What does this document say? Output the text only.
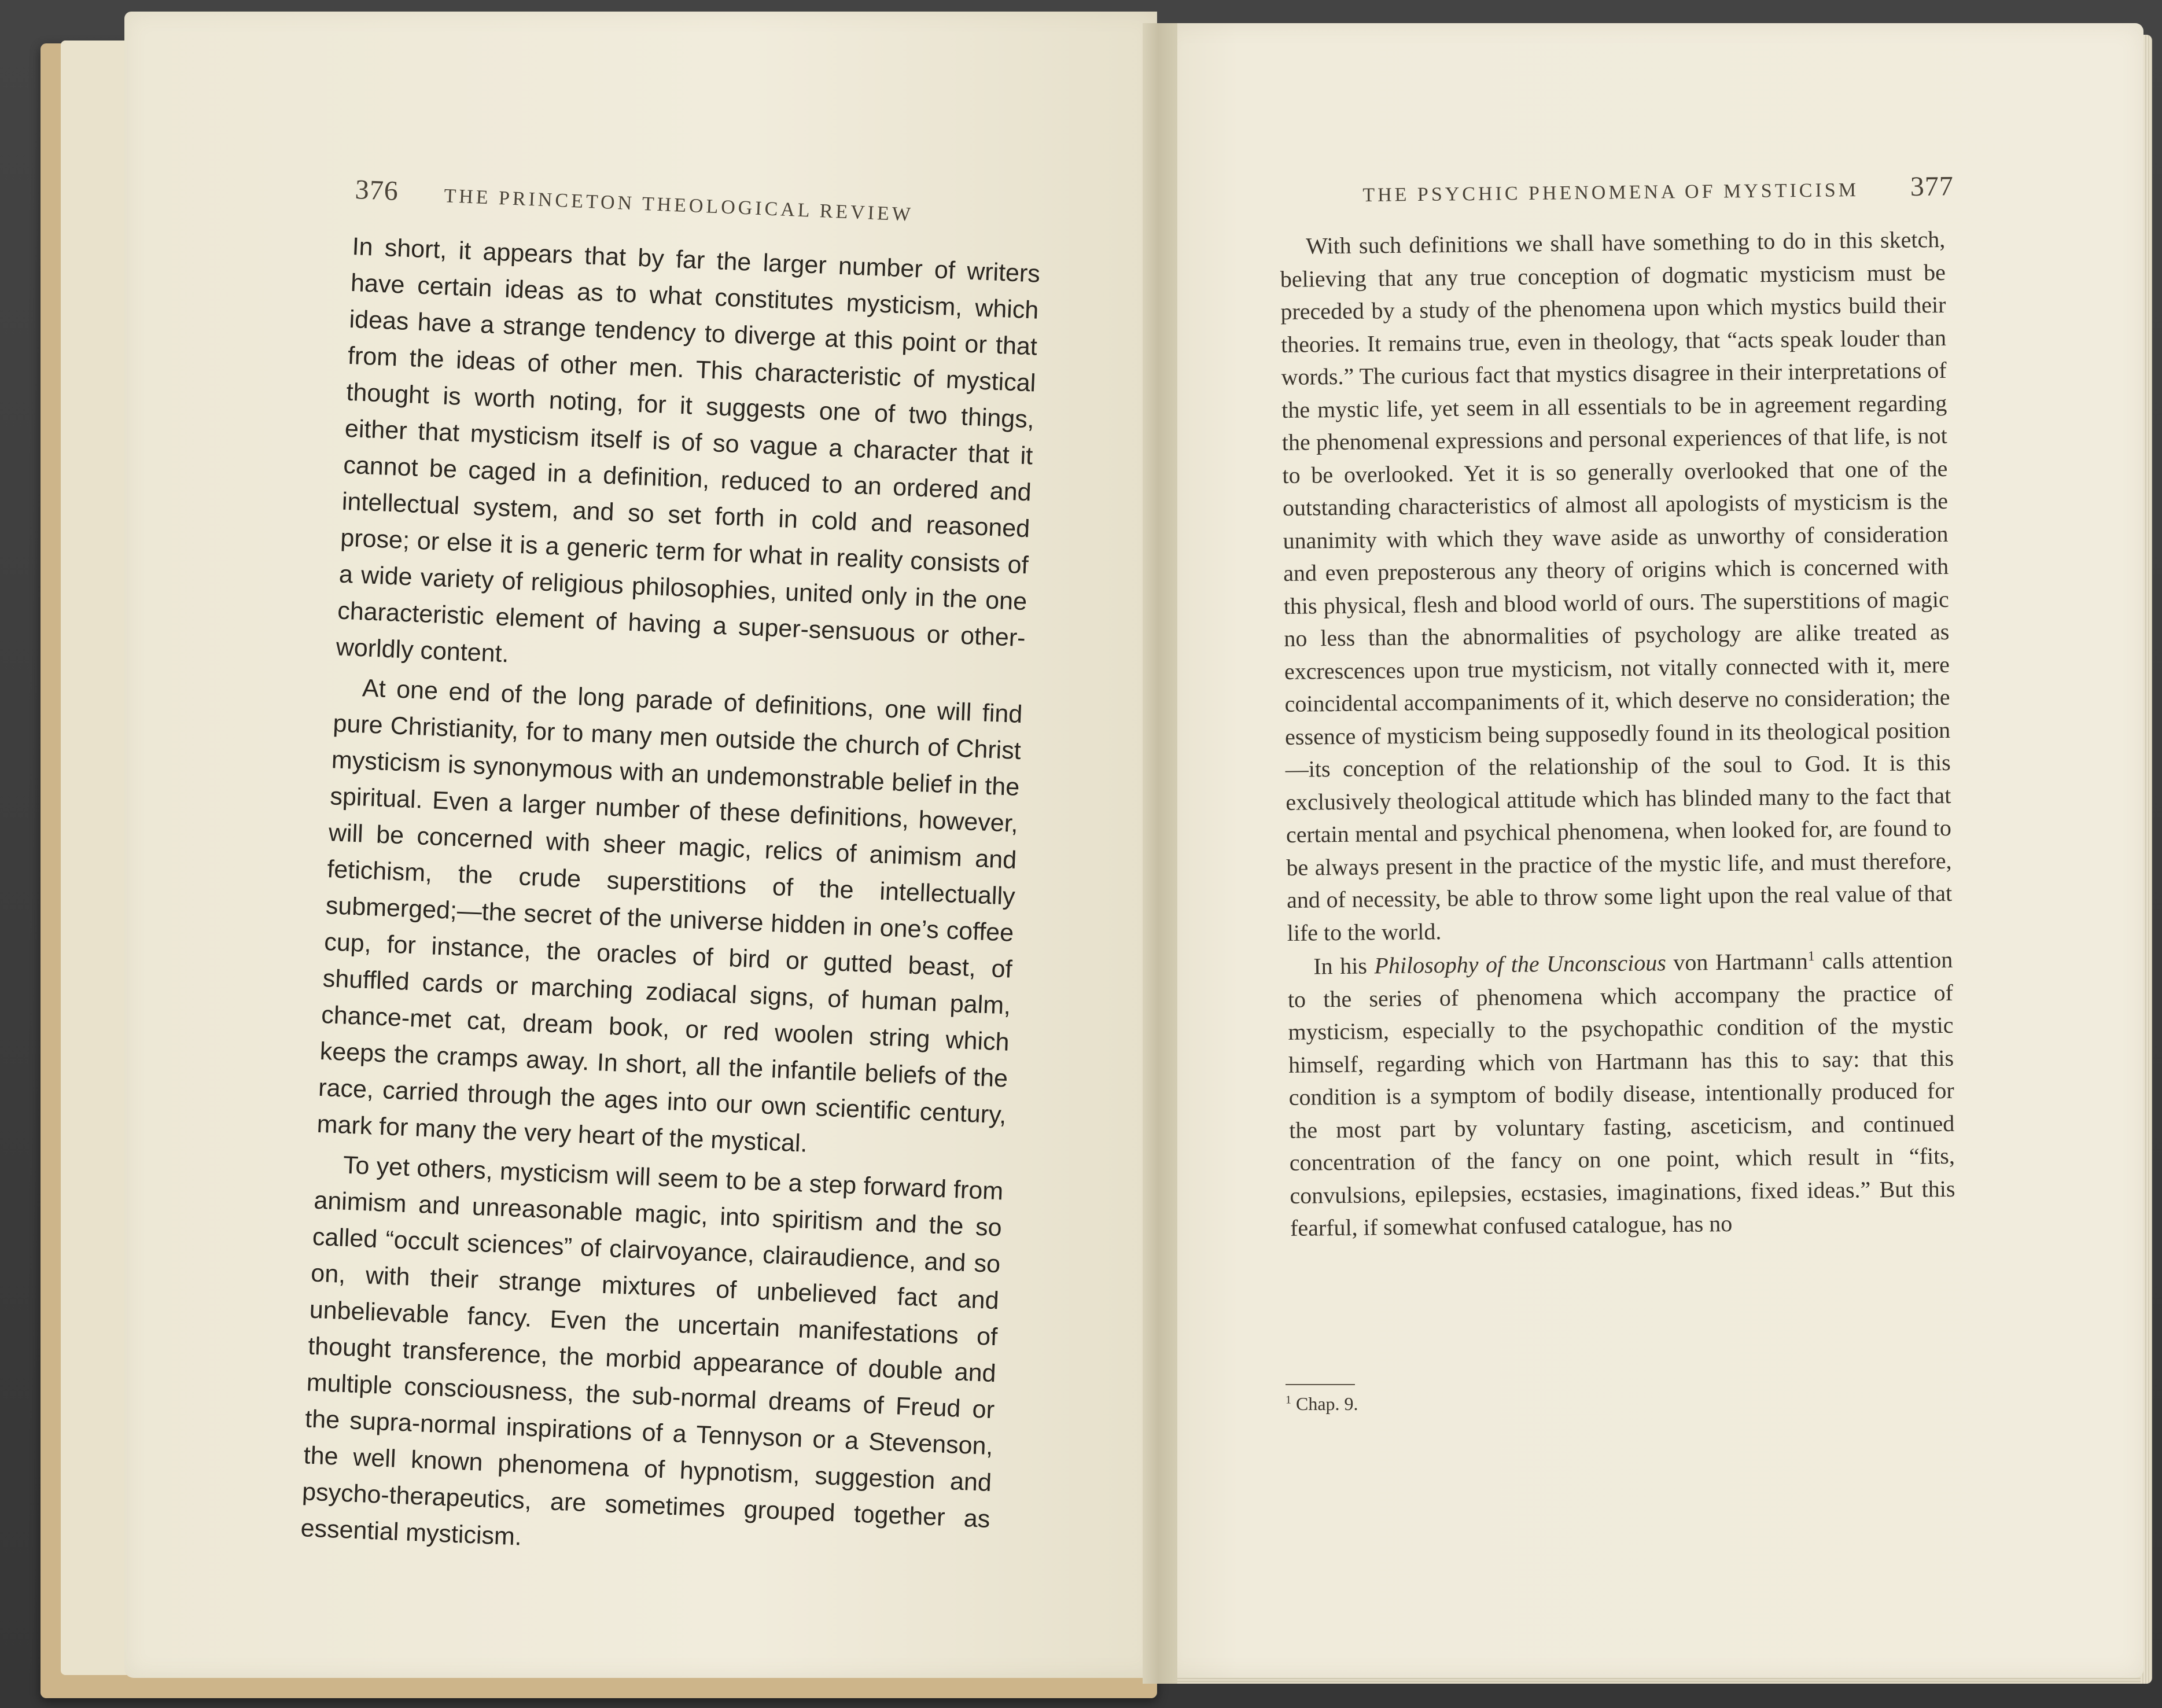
376 THE PRINCETON THEOLOGICAL REVIEW

In short, it appears that by far the larger number of writers have certain ideas as to what constitutes mysticism, which ideas have a strange tendency to diverge at this point or that from the ideas of other men. This characteristic of mystical thought is worth noting, for it suggests one of two things, either that mysticism itself is of so vague a character that it cannot be caged in a definition, reduced to an ordered and intellectual system, and so set forth in cold and reasoned prose; or else it is a generic term for what in reality consists of a wide variety of religious philosophies, united only in the one characteristic element of having a super-sensuous or other-worldly content.

At one end of the long parade of definitions, one will find pure Christianity, for to many men outside the church of Christ mysticism is synonymous with an undemonstrable belief in the spiritual. Even a larger number of these definitions, however, will be concerned with sheer magic, relics of animism and fetichism, the crude superstitions of the intellectually submerged;—the secret of the universe hidden in one’s coffee cup, for instance, the oracles of bird or gutted beast, of shuffled cards or marching zodiacal signs, of human palm, chance-met cat, dream book, or red woolen string which keeps the cramps away. In short, all the infantile beliefs of the race, carried through the ages into our own scientific century, mark for many the very heart of the mystical.

To yet others, mysticism will seem to be a step forward from animism and unreasonable magic, into spiritism and the so called “occult sciences” of clairvoyance, clairaudience, and so on, with their strange mixtures of unbelieved fact and unbelievable fancy. Even the uncertain manifestations of thought transference, the morbid appearance of double and multiple consciousness, the sub-normal dreams of Freud or the supra-normal inspirations of a Tennyson or a Stevenson, the well known phenomena of hypnotism, suggestion and psycho-therapeutics, are sometimes grouped together as essential mysticism.

THE PSYCHIC PHENOMENA OF MYSTICISM 377

With such definitions we shall have something to do in this sketch, believing that any true conception of dogmatic mysticism must be preceded by a study of the phenomena upon which mystics build their theories. It remains true, even in theology, that “acts speak louder than words.” The curious fact that mystics disagree in their interpretations of the mystic life, yet seem in all essentials to be in agreement regarding the phenomenal expressions and personal experiences of that life, is not to be overlooked. Yet it is so generally overlooked that one of the outstanding characteristics of almost all apologists of mysticism is the unanimity with which they wave aside as unworthy of consideration and even preposterous any theory of origins which is concerned with this physical, flesh and blood world of ours. The superstitions of magic no less than the abnormalities of psychology are alike treated as excrescences upon true mysticism, not vitally connected with it, mere coincidental accompaniments of it, which deserve no consideration; the essence of mysticism being supposedly found in its theological position—its conception of the relationship of the soul to God. It is this exclusively theological attitude which has blinded many to the fact that certain mental and psychical phenomena, when looked for, are found to be always present in the practice of the mystic life, and must therefore, and of necessity, be able to throw some light upon the real value of that life to the world.

In his Philosophy of the Unconscious von Hartmann$^1$ calls attention to the series of phenomena which accompany the practice of mysticism, especially to the psychopathic condition of the mystic himself, regarding which von Hartmann has this to say: that this condition is a symptom of bodily disease, intentionally produced for the most part by voluntary fasting, asceticism, and continued concentration of the fancy on one point, which result in “fits, convulsions, epilepsies, ecstasies, imaginations, fixed ideas.” But this fearful, if somewhat confused catalogue, has no

$^1$ Chap. 9.
